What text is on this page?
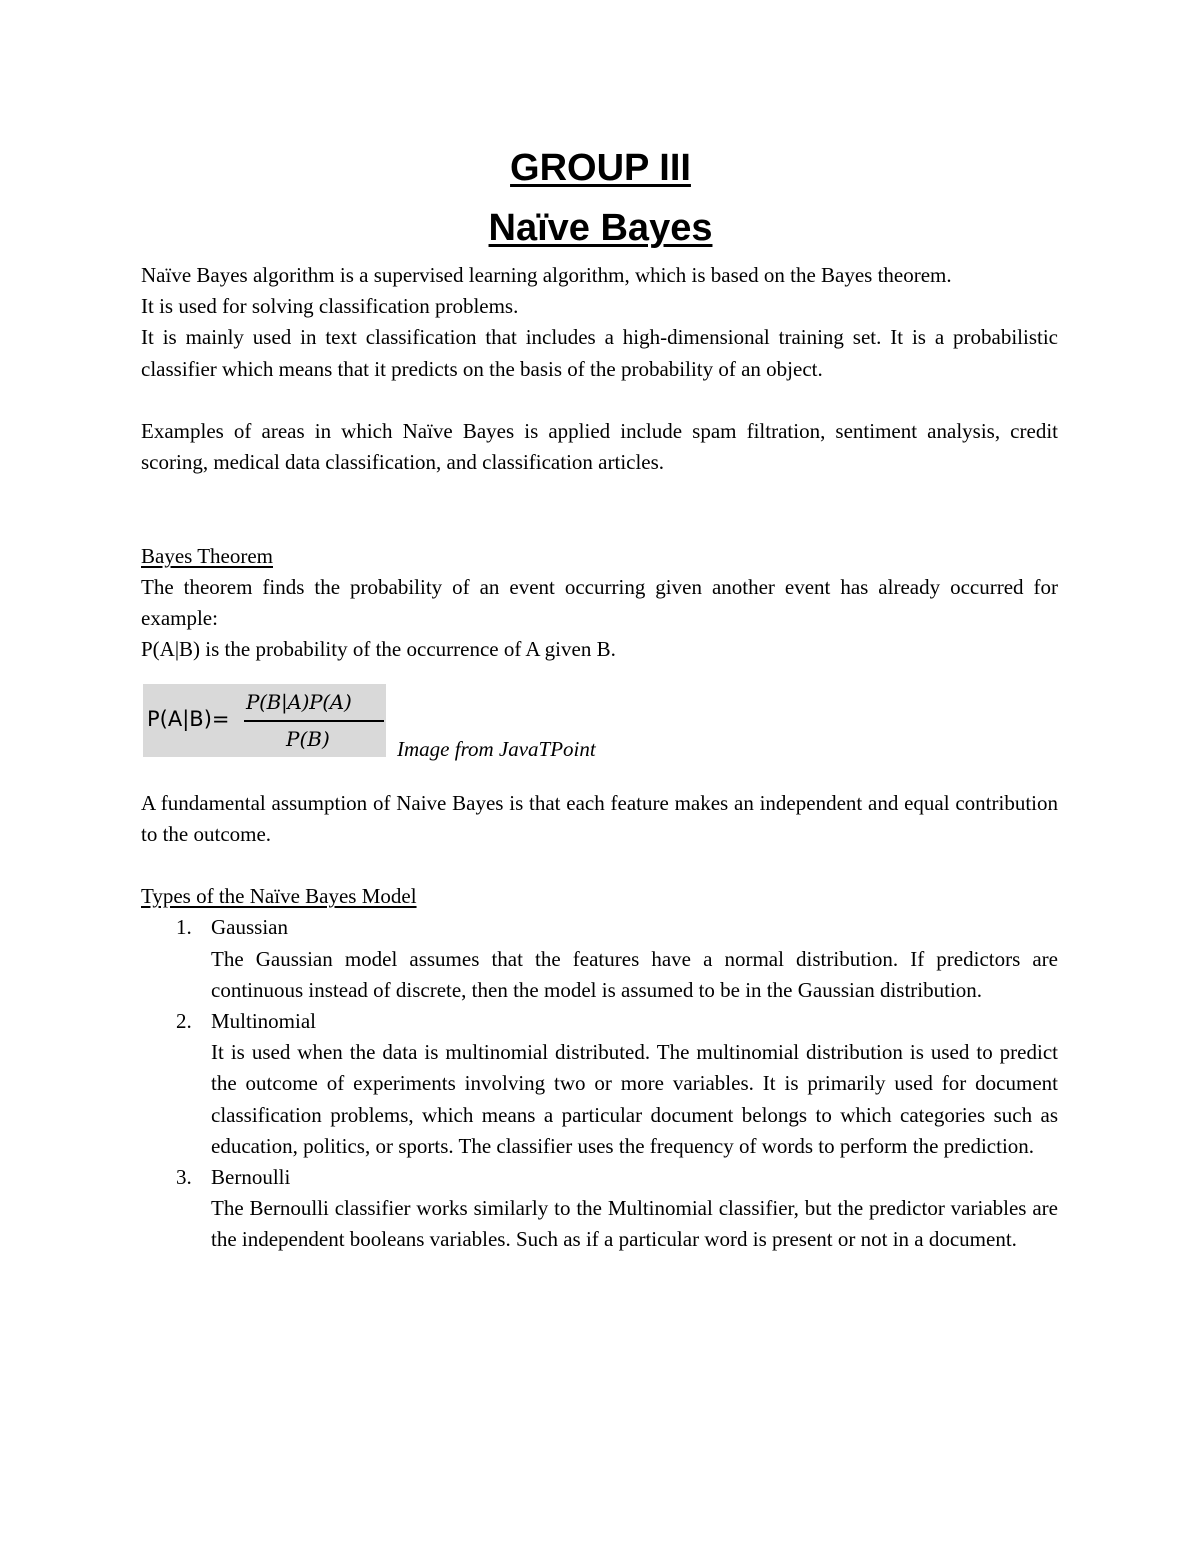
GROUP III
Naïve Bayes

Naïve Bayes algorithm is a supervised learning algorithm, which is based on the Bayes theorem.

It is used for solving classification problems.

It is mainly used in text classification that includes a high-dimensional training set. It is a probabilistic classifier which means that it predicts on the basis of the probability of an object.

Examples of areas in which Naïve Bayes is applied include spam filtration, sentiment analysis, credit scoring, medical data classification, and classification articles.

Bayes Theorem

The theorem finds the probability of an event occurring given another event has already occurred for example:

P(A|B) is the probability of the occurrence of A given B.

P(A|B)=
P(B|A)P(A)
P(B)	Image from JavaTPoint

A fundamental assumption of Naive Bayes is that each feature makes an independent and equal contribution to the outcome.

Types of the Naïve Bayes Model

1. Gaussian
The Gaussian model assumes that the features have a normal distribution. If predictors are continuous instead of discrete, then the model is assumed to be in the Gaussian distribution.
2. Multinomial
It is used when the data is multinomial distributed. The multinomial distribution is used to predict the outcome of experiments involving two or more variables. It is primarily used for document classification problems, which means a particular document belongs to which categories such as education, politics, or sports. The classifier uses the frequency of words to perform the prediction.
3. Bernoulli
The Bernoulli classifier works similarly to the Multinomial classifier, but the predictor variables are the independent booleans variables. Such as if a particular word is present or not in a document.
